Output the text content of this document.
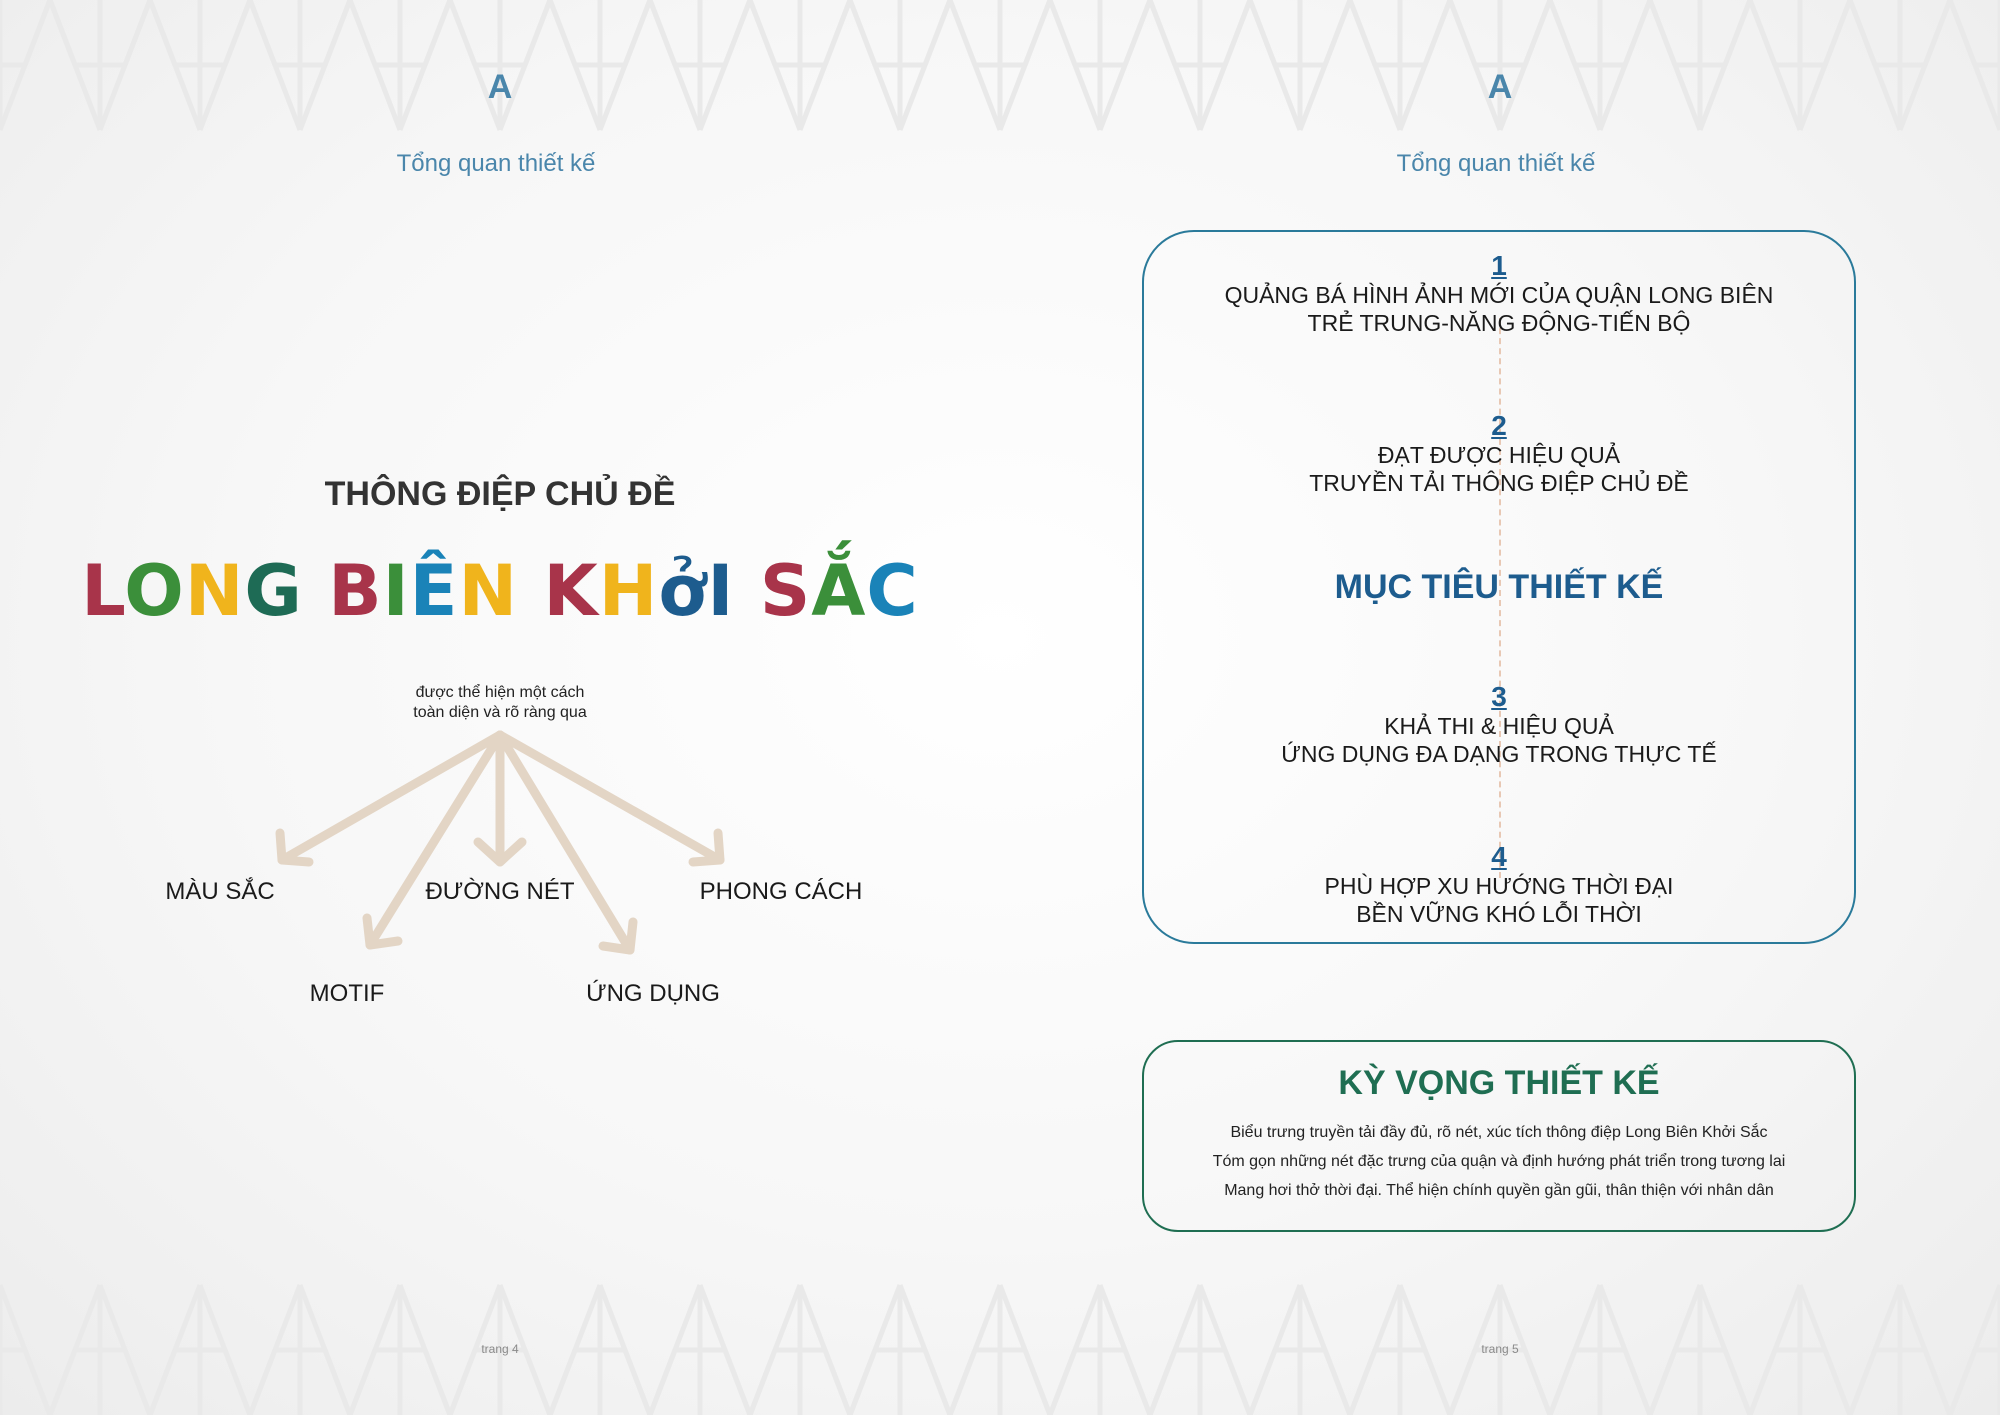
A
Tổng quan thiết kế
THÔNG ĐIỆP CHỦ ĐỀ
LONG BIÊN KHởI SẮC
được thể hiện một cách
toàn diện và rõ ràng qua
MÀU SẮC	ĐƯỜNG NÉT	PHONG CÁCH
MOTIF	ỨNG DỤNG
trang 4
A
Tổng quan thiết kế
1
QUẢNG BÁ HÌNH ẢNH MỚI CỦA QUẬN LONG BIÊN
TRẺ TRUNG-NĂNG ĐỘNG-TIẾN BỘ
2
ĐẠT ĐƯỢC HIỆU QUẢ
TRUYỀN TẢI THÔNG ĐIỆP CHỦ ĐỀ
MỤC TIÊU THIẾT KẾ
3
KHẢ THI & HIỆU QUẢ
ỨNG DỤNG ĐA DẠNG TRONG THỰC TẾ
4
PHÙ HỢP XU HƯỚNG THỜI ĐẠI
BỀN VỮNG KHÓ LỖI THỜI
KỲ VỌNG THIẾT KẾ
Biểu trưng truyền tải đầy đủ, rõ nét, xúc tích thông điệp Long Biên Khởi Sắc
Tóm gọn những nét đặc trưng của quận và định hướng phát triển trong tương lai
Mang hơi thở thời đại. Thể hiện chính quyền gần gũi, thân thiện với nhân dân
trang 5
